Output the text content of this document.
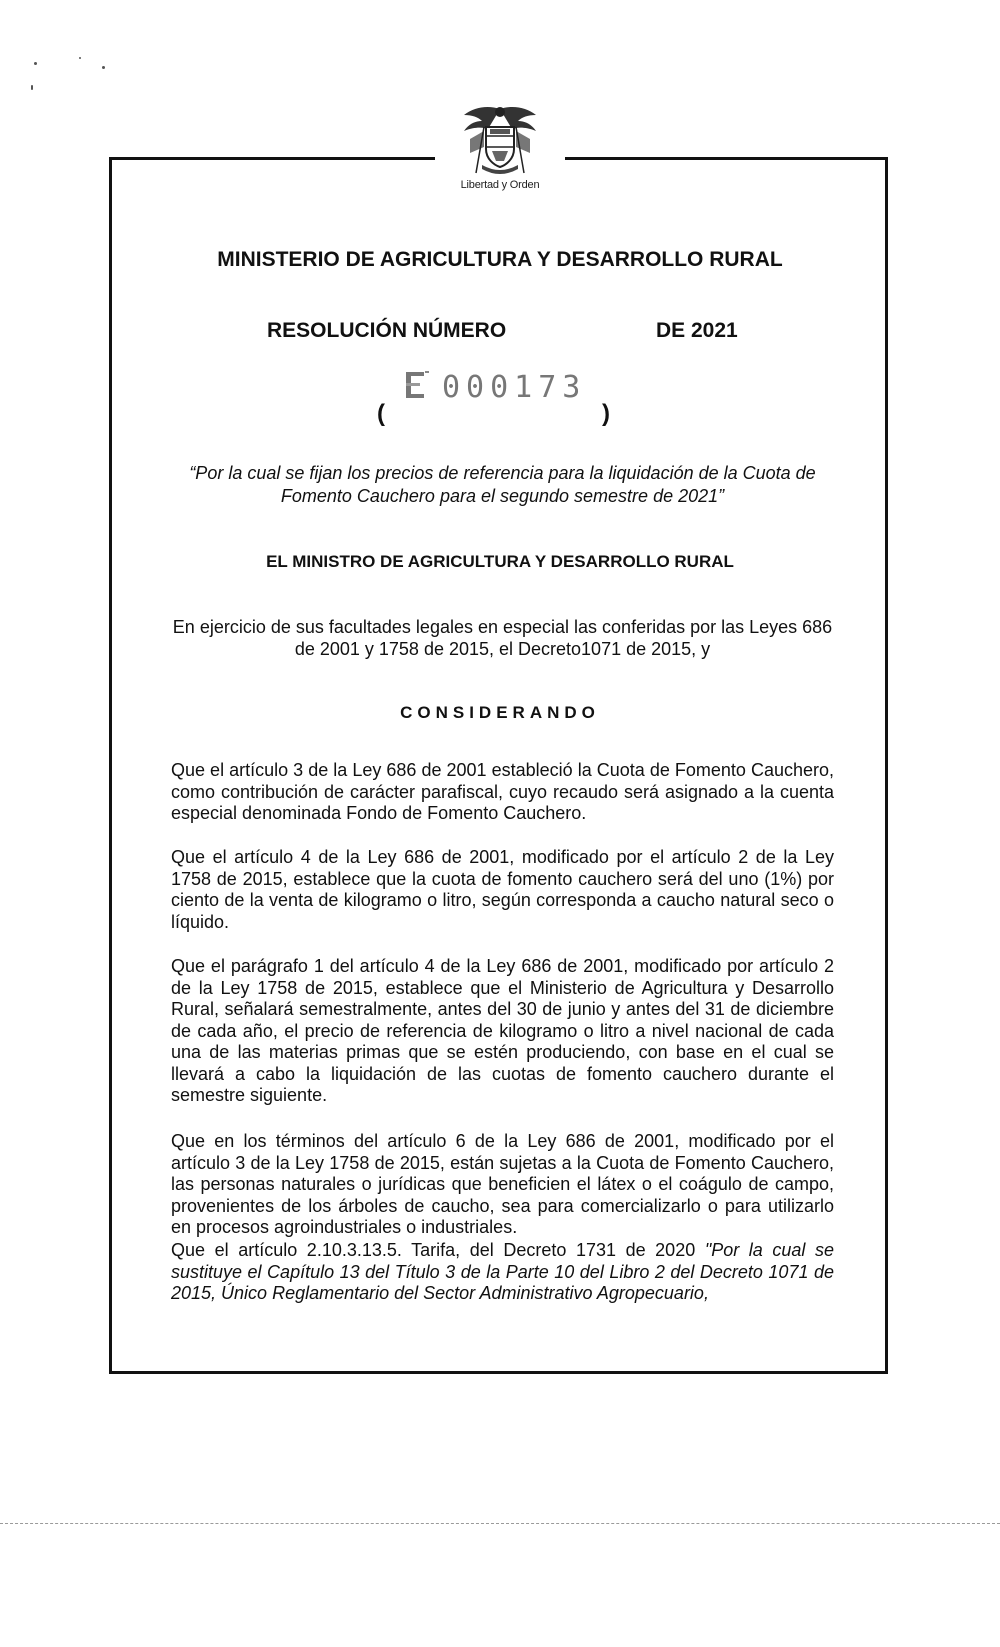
Libertad y Orden
MINISTERIO DE AGRICULTURA Y DESARROLLO RURAL
RESOLUCIÓN NÚMERO	DE 2021
(
000173
)
“Por la cual se fijan los precios de referencia para la liquidación de la Cuota de Fomento Cauchero para el segundo semestre de 2021”
EL MINISTRO DE AGRICULTURA Y DESARROLLO RURAL
En ejercicio de sus facultades legales en especial las conferidas por las Leyes 686 de 2001 y 1758 de 2015, el Decreto1071 de 2015, y
CONSIDERANDO
Que el artículo 3 de la Ley 686 de 2001 estableció la Cuota de Fomento Cauchero, como contribución de carácter parafiscal, cuyo recaudo será asignado a la cuenta especial denominada Fondo de Fomento Cauchero.
Que el artículo 4 de la Ley 686 de 2001, modificado por el artículo 2 de la Ley 1758 de 2015, establece que la cuota de fomento cauchero será del uno (1%) por ciento de la venta de kilogramo o litro, según corresponda a caucho natural seco o líquido.
Que el parágrafo 1 del artículo 4 de la Ley 686 de 2001, modificado por artículo 2 de la Ley 1758 de 2015, establece que el Ministerio de Agricultura y Desarrollo Rural, señalará semestralmente, antes del 30 de junio y antes del 31 de diciembre de cada año, el precio de referencia de kilogramo o litro a nivel nacional de cada una de las materias primas que se estén produciendo, con base en el cual se llevará a cabo la liquidación de las cuotas de fomento cauchero durante el semestre siguiente.
Que en los términos del artículo 6 de la Ley 686 de 2001, modificado por el artículo 3 de la Ley 1758 de 2015, están sujetas a la Cuota de Fomento Cauchero, las personas naturales o jurídicas que beneficien el látex o el coágulo de campo, provenientes de los árboles de caucho, sea para comercializarlo o para utilizarlo en procesos agroindustriales o industriales.
Que el artículo 2.10.3.13.5. Tarifa, del Decreto 1731 de 2020 "Por la cual se sustituye el Capítulo 13 del Título 3 de la Parte 10 del Libro 2 del Decreto 1071 de 2015, Único Reglamentario del Sector Administrativo Agropecuario,
